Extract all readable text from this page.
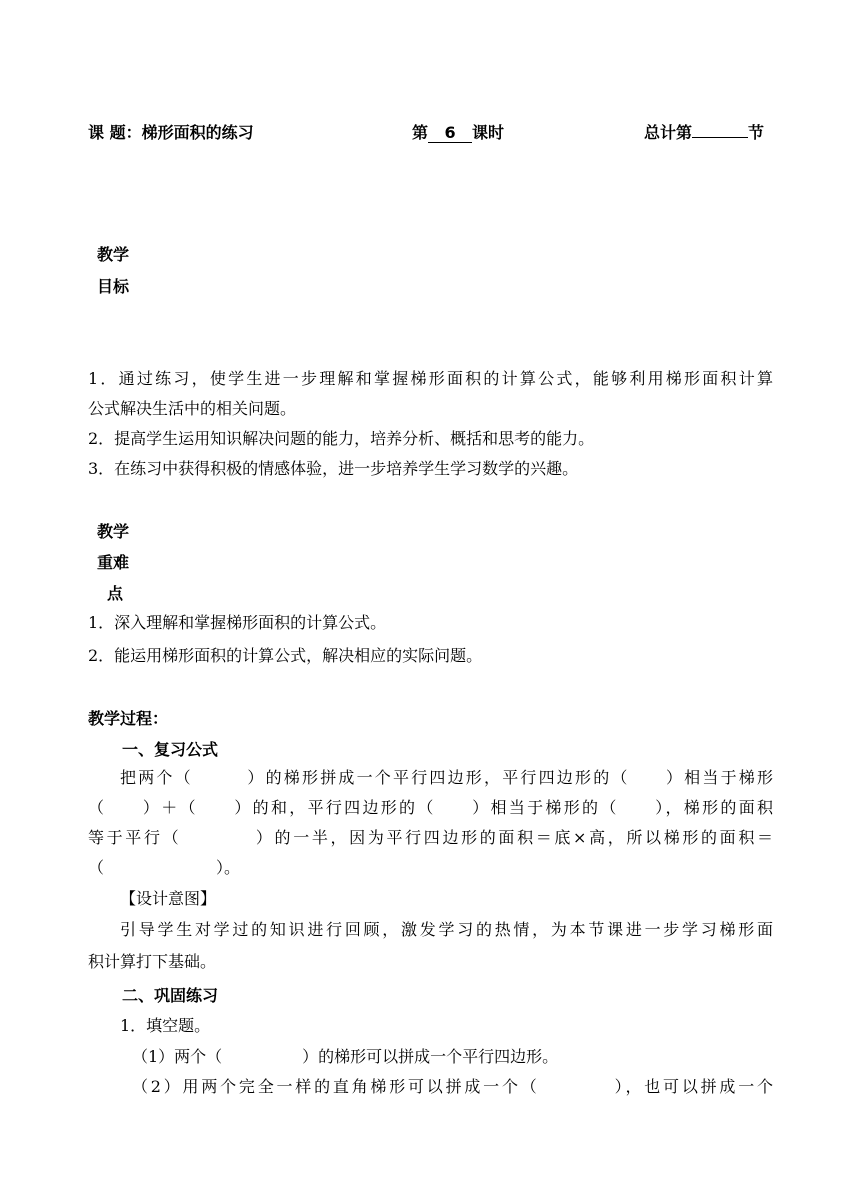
课 题：梯形面积的练习	第 6 课时	总计第	节
教学
目标
1．通过练习，使学生进一步理解和掌握梯形面积的计算公式，能够利用梯形面积计算
公式解决生活中的相关问题。
2．提高学生运用知识解决问题的能力，培养分析、概括和思考的能力。
3．在练习中获得积极的情感体验，进一步培养学生学习数学的兴趣。
教学
重难
点
1．深入理解和掌握梯形面积的计算公式。
2．能运用梯形面积的计算公式，解决相应的实际问题。
教学过程：
一、复习公式
把两个（　　　）的梯形拼成一个平行四边形，平行四边形的（　　）相当于梯形
（　　）＋（　　）的和，平行四边形的（　　）相当于梯形的（　　），梯形的面积
等于平行（　　　　）的一半，因为平行四边形的面积＝底×高，所以梯形的面积＝
（　　　　　　　）。
【设计意图】
引导学生对学过的知识进行回顾，激发学习的热情，为本节课进一步学习梯形面
积计算打下基础。
二、巩固练习
1．填空题。
（1）两个（　　　　　）的梯形可以拼成一个平行四边形。
（2）用两个完全一样的直角梯形可以拼成一个（　　　　），也可以拼成一个
